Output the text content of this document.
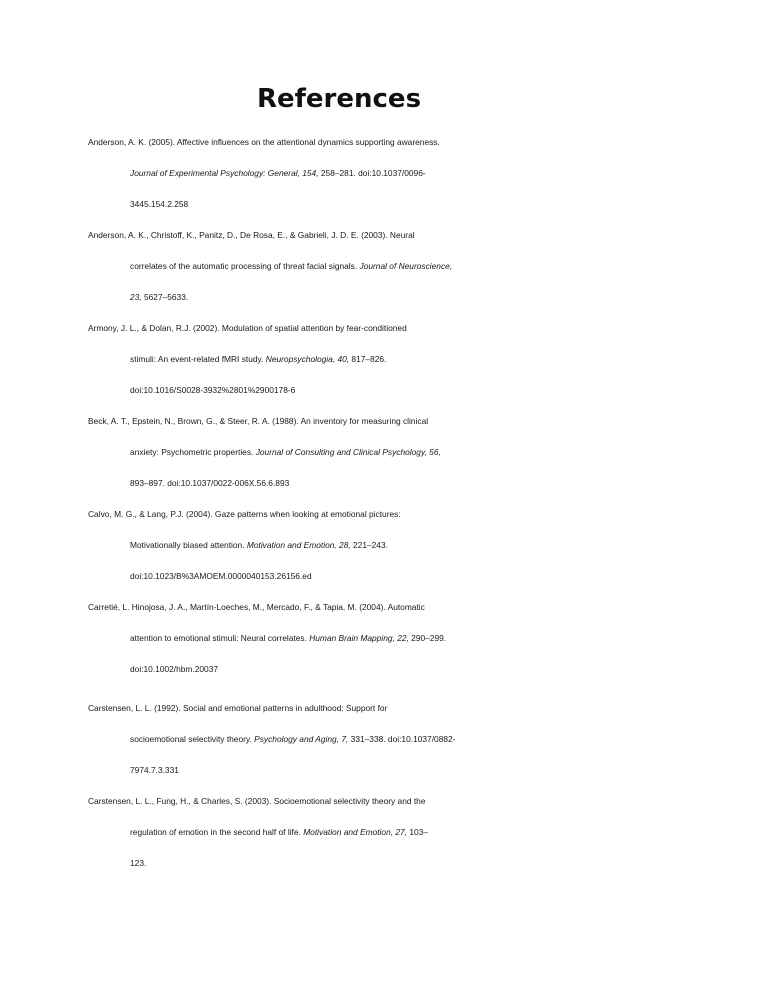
References
Anderson, A. K. (2005). Affective influences on the attentional dynamics supporting awareness.
Journal of Experimental Psychology: General, 154, 258–281. doi:10.1037/0096-
3445.154.2.258
Anderson, A. K., Christoff, K., Panitz, D., De Rosa, E., & Gabrieli, J. D. E. (2003). Neural
correlates of the automatic processing of threat facial signals. Journal of Neuroscience,
23, 5627–5633.
Armony, J. L., & Dolan, R.J. (2002). Modulation of spatial attention by fear-conditioned
stimuli: An event-related fMRI study. Neuropsychologia, 40, 817–826.
doi:10.1016/S0028-3932%2801%2900178-6
Beck, A. T., Epstein, N., Brown, G., & Steer, R. A. (1988). An inventory for measuring clinical
anxiety: Psychometric properties. Journal of Consulting and Clinical Psychology, 56,
893–897. doi:10.1037/0022-006X.56.6.893
Calvo, M. G., & Lang, P.J. (2004). Gaze patterns when looking at emotional pictures:
Motivationally biased attention. Motivation and Emotion, 28, 221–243.
doi:10.1023/B%3AMOEM.0000040153.26156.ed
Carretié, L. Hinojosa, J. A., Martín-Loeches, M., Mercado, F., & Tapia, M. (2004). Automatic
attention to emotional stimuli: Neural correlates. Human Brain Mapping, 22, 290–299.
doi:10.1002/hbm.20037
Carstensen, L. L. (1992). Social and emotional patterns in adulthood: Support for
socioemotional selectivity theory. Psychology and Aging, 7, 331–338. doi:10.1037/0882-
7974.7.3.331
Carstensen, L. L., Fung, H., & Charles, S. (2003). Socioemotional selectivity theory and the
regulation of emotion in the second half of life. Motivation and Emotion, 27, 103–
123.
